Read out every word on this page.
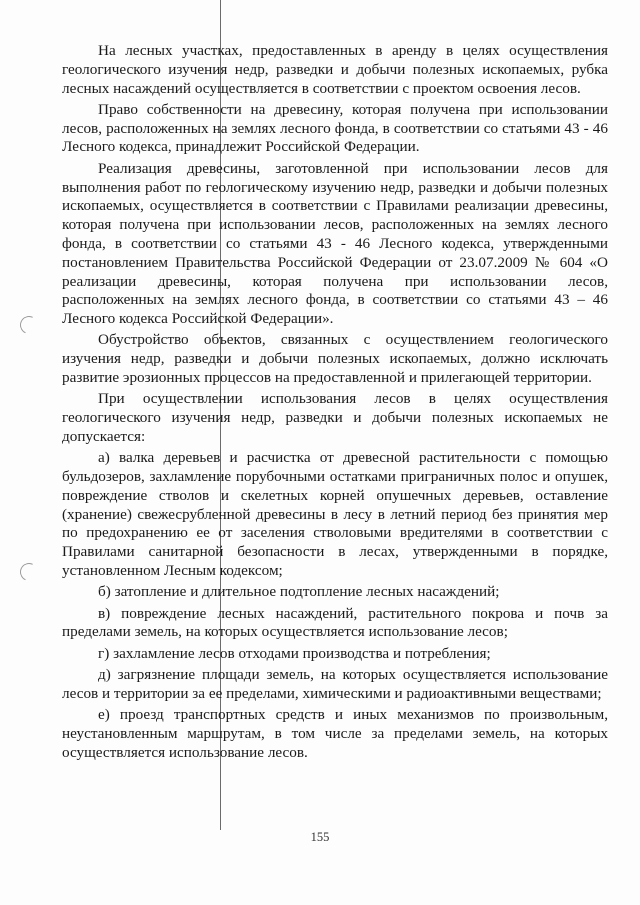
На лесных участках, предоставленных в аренду в целях осуществления геологического изучения недр, разведки и добычи полезных ископаемых, рубка лесных насаждений осуществляется в соответствии с проектом освоения лесов.

Право собственности на древесину, которая получена при использовании лесов, расположенных на землях лесного фонда, в соответствии со статьями 43 - 46 Лесного кодекса, принадлежит Российской Федерации.

Реализация древесины, заготовленной при использовании лесов для выполнения работ по геологическому изучению недр, разведки и добычи полезных ископаемых, осуществляется в соответствии с Правилами реализации древесины, которая получена при использовании лесов, расположенных на землях лесного фонда, в соответствии со статьями 43 - 46 Лесного кодекса, утвержденными постановлением Правительства Российской Федерации от 23.07.2009 № 604 «О реализации древесины, которая получена при использовании лесов, расположенных на землях лесного фонда, в соответствии со статьями 43 – 46 Лесного кодекса Российской Федерации».

Обустройство объектов, связанных с осуществлением геологического изучения недр, разведки и добычи полезных ископаемых, должно исключать развитие эрозионных процессов на предоставленной и прилегающей территории.

При осуществлении использования лесов в целях осуществления геологического изучения недр, разведки и добычи полезных ископаемых не допускается:

а) валка деревьев и расчистка от древесной растительности с помощью бульдозеров, захламление порубочными остатками приграничных полос и опушек, повреждение стволов и скелетных корней опушечных деревьев, оставление (хранение) свежесрубленной древесины в лесу в летний период без принятия мер по предохранению ее от заселения стволовыми вредителями в соответствии с Правилами санитарной безопасности в лесах, утвержденными в порядке, установленном Лесным кодексом;

б) затопление и длительное подтопление лесных насаждений;

в) повреждение лесных насаждений, растительного покрова и почв за пределами земель, на которых осуществляется использование лесов;

г) захламление лесов отходами производства и потребления;

д) загрязнение площади земель, на которых осуществляется использование лесов и территории за ее пределами, химическими и радиоактивными веществами;

е) проезд транспортных средств и иных механизмов по произвольным, неустановленным маршрутам, в том числе за пределами земель, на которых осуществляется использование лесов.

155
